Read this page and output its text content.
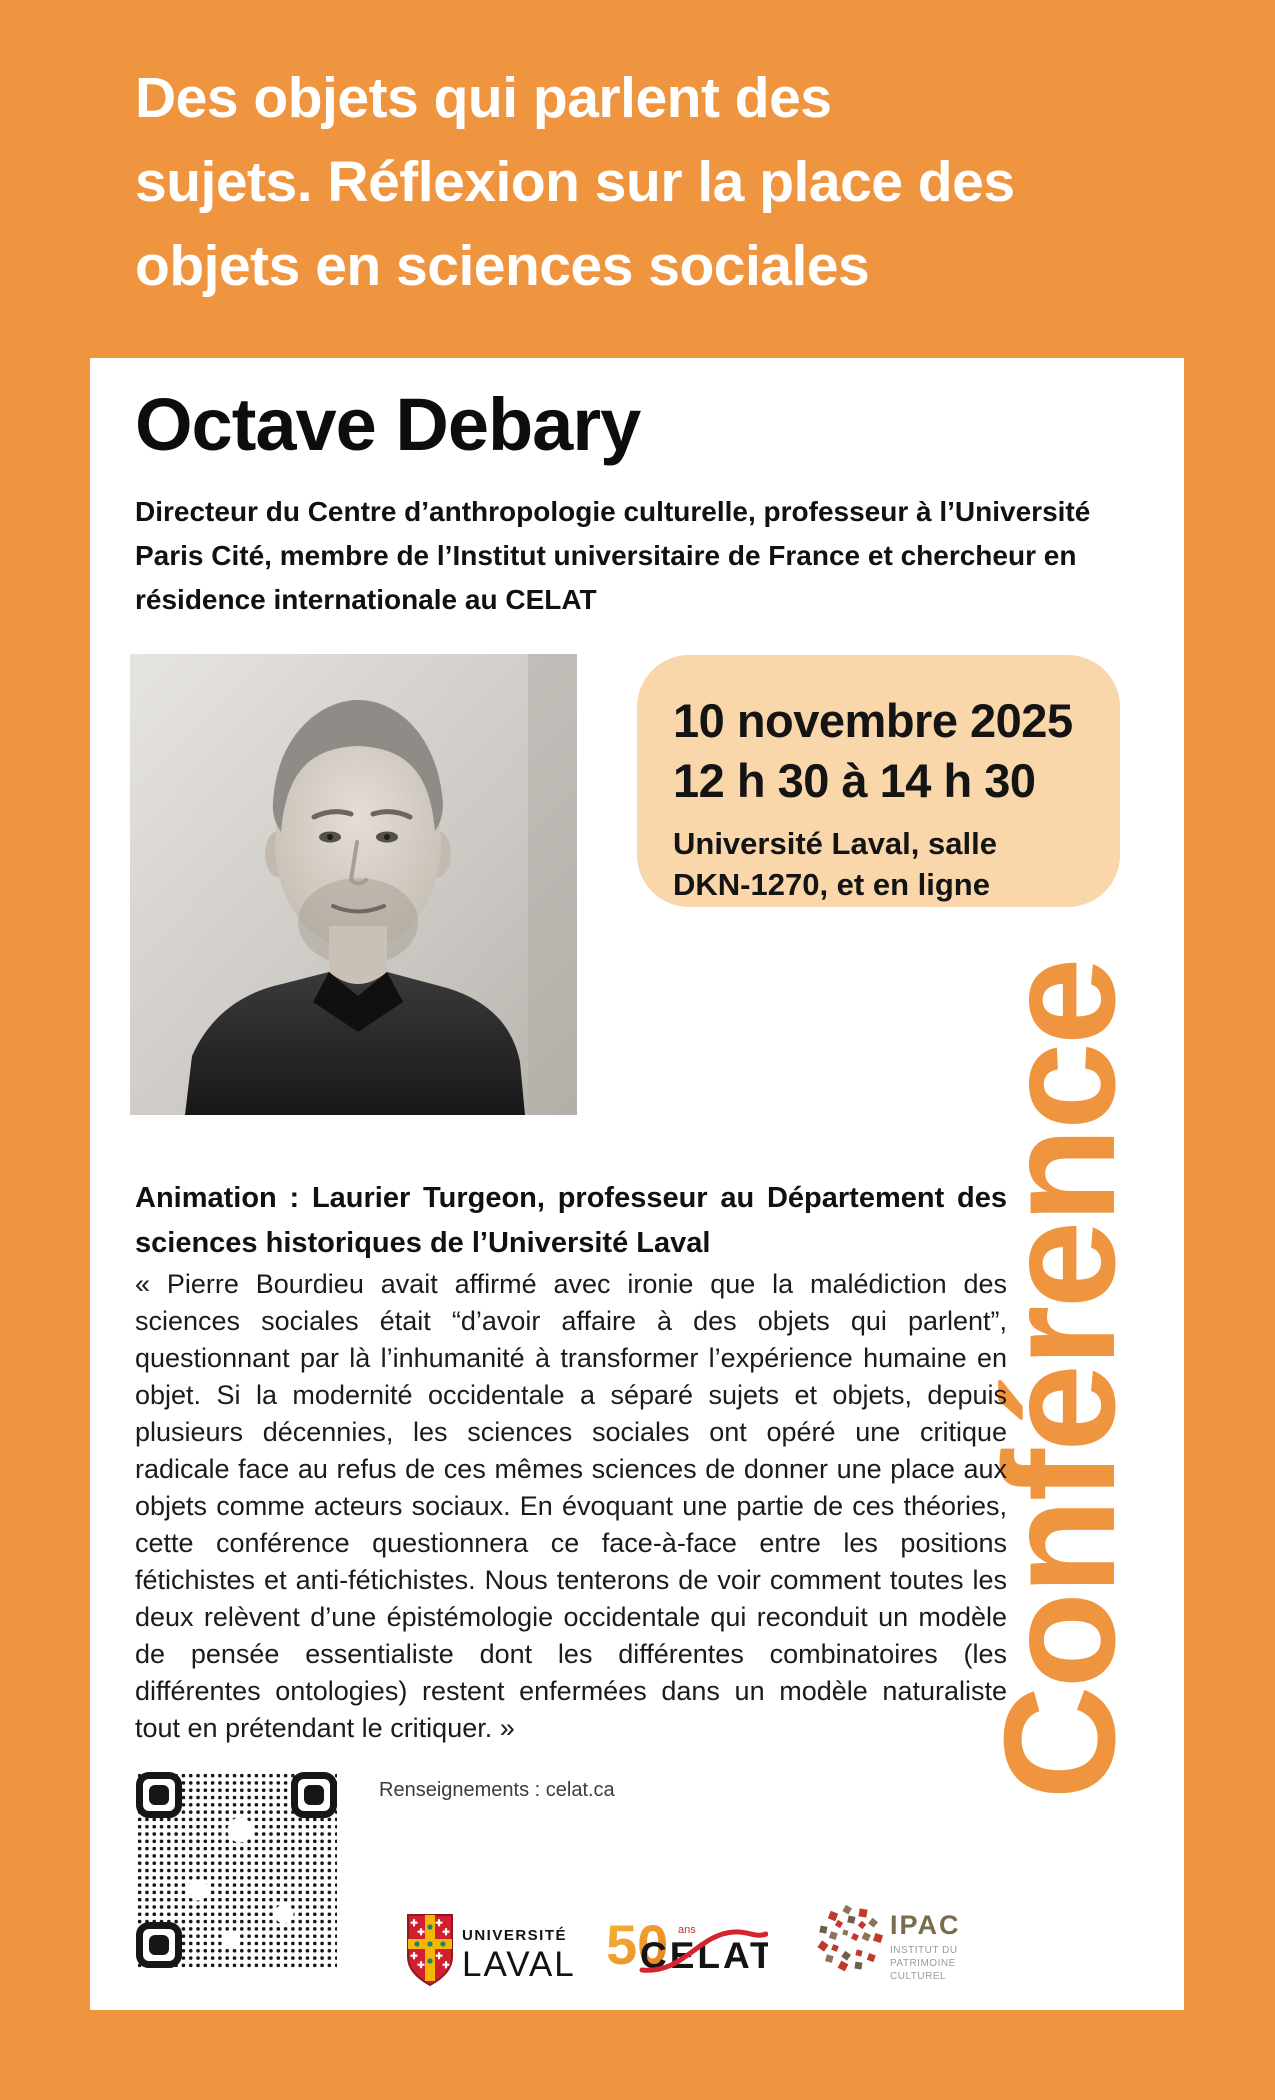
Des objets qui parlent des
sujets. Réflexion sur la place des
objets en sciences sociales
Octave Debary
Directeur du Centre d’anthropologie culturelle, professeur à l’Université
Paris Cité, membre de l’Institut universitaire de France et chercheur en
résidence internationale au CELAT
10 novembre 2025
12 h 30 à 14 h 30
Université Laval, salle
DKN-1270, et en ligne
Conférence
Animation : Laurier Turgeon, professeur au Département des sciences historiques de l’Université Laval
« Pierre Bourdieu avait affirmé avec ironie que la malédiction des sciences sociales était “d’avoir affaire à des objets qui parlent”, questionnant par là l’inhumanité à transformer l’expérience humaine en objet. Si la modernité occidentale a séparé sujets et objets, depuis plusieurs décennies, les sciences sociales ont opéré une critique radicale face au refus de ces mêmes sciences de donner une place aux objets comme acteurs sociaux. En évoquant une partie de ces théories, cette conférence questionnera ce face-à-face entre les positions fétichistes et anti-fétichistes. Nous tenterons de voir comment toutes les deux relèvent d’une épistémologie occidentale qui reconduit un modèle de pensée essentialiste dont les différentes combinatoires (les différentes ontologies) restent enfermées dans un modèle naturaliste tout en prétendant le critiquer. »
Renseignements : celat.ca
✚
✚
✚
✚
✚
✚
✚
✚
UNIVERSITÉ
LAVAL 50 ans
CELAT
IPAC
INSTITUT DU
PATRIMOINE
CULTUREL
